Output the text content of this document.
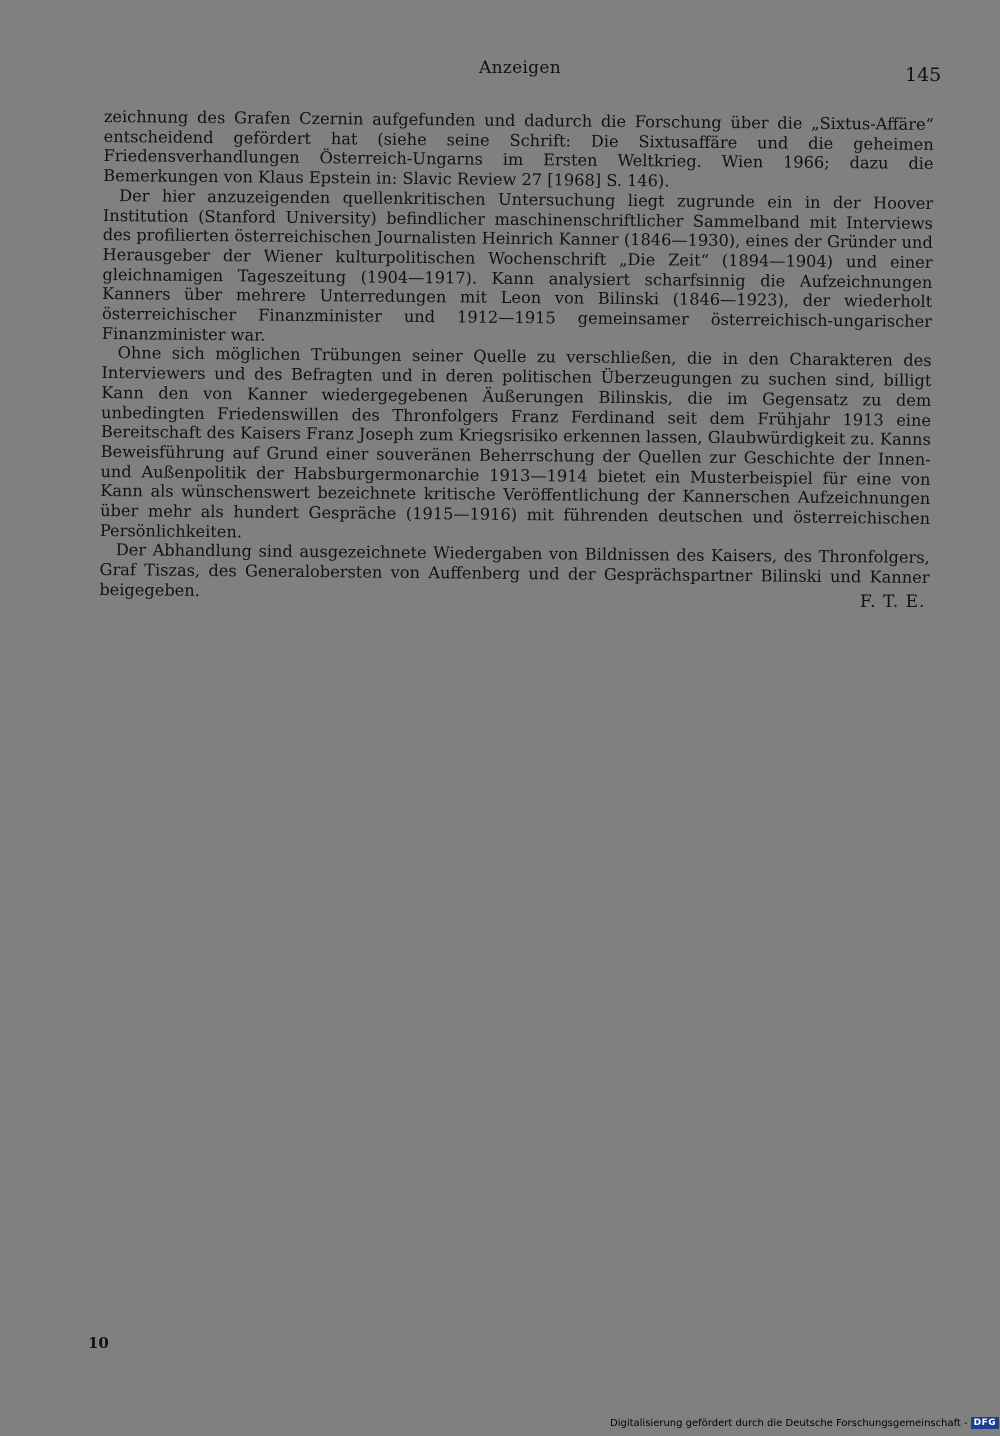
Anzeigen	145

zeichnung des Grafen Czernin aufgefunden und dadurch die Forschung über die „Sixtus-Affäre“ entscheidend gefördert hat (siehe seine Schrift: Die Sixtusaffäre und die geheimen Friedensverhandlungen Österreich-Ungarns im Ersten Weltkrieg. Wien 1966; dazu die Bemerkungen von Klaus Epstein in: Slavic Review 27 [1968] S. 146).

Der hier anzuzeigenden quellenkritischen Untersuchung liegt zugrunde ein in der Hoover Institution (Stanford University) befindlicher maschinenschriftlicher Sammelband mit Interviews des profilierten österreichischen Journalisten Heinrich Kanner (1846—1930), eines der Gründer und Herausgeber der Wiener kulturpolitischen Wochenschrift „Die Zeit“ (1894—1904) und einer gleichnamigen Tageszeitung (1904—1917). Kann analysiert scharfsinnig die Aufzeichnungen Kanners über mehrere Unterredungen mit Leon von Bilinski (1846—1923), der wiederholt österreichischer Finanzminister und 1912—1915 gemeinsamer österreichisch-ungarischer Finanzminister war.

Ohne sich möglichen Trübungen seiner Quelle zu verschließen, die in den Charakteren des Interviewers und des Befragten und in deren politischen Überzeugungen zu suchen sind, billigt Kann den von Kanner wiedergegebenen Äußerungen Bilinskis, die im Gegensatz zu dem unbedingten Friedenswillen des Thronfolgers Franz Ferdinand seit dem Frühjahr 1913 eine Bereitschaft des Kaisers Franz Joseph zum Kriegsrisiko erkennen lassen, Glaubwürdigkeit zu. Kanns Beweisführung auf Grund einer souveränen Beherrschung der Quellen zur Geschichte der Innen- und Außenpolitik der Habsburgermonarchie 1913—1914 bietet ein Musterbeispiel für eine von Kann als wünschenswert bezeichnete kritische Veröffentlichung der Kannerschen Aufzeichnungen über mehr als hundert Gespräche (1915—1916) mit führenden deutschen und österreichischen Persönlichkeiten.

Der Abhandlung sind ausgezeichnete Wiedergaben von Bildnissen des Kaisers, des Thronfolgers, Graf Tiszas, des Generalobersten von Auffenberg und der Gesprächspartner Bilinski und Kanner beigegeben.

F. T. E.
10
Digitalisierung gefördert durch die Deutsche Forschungsgemeinschaft - DFG
